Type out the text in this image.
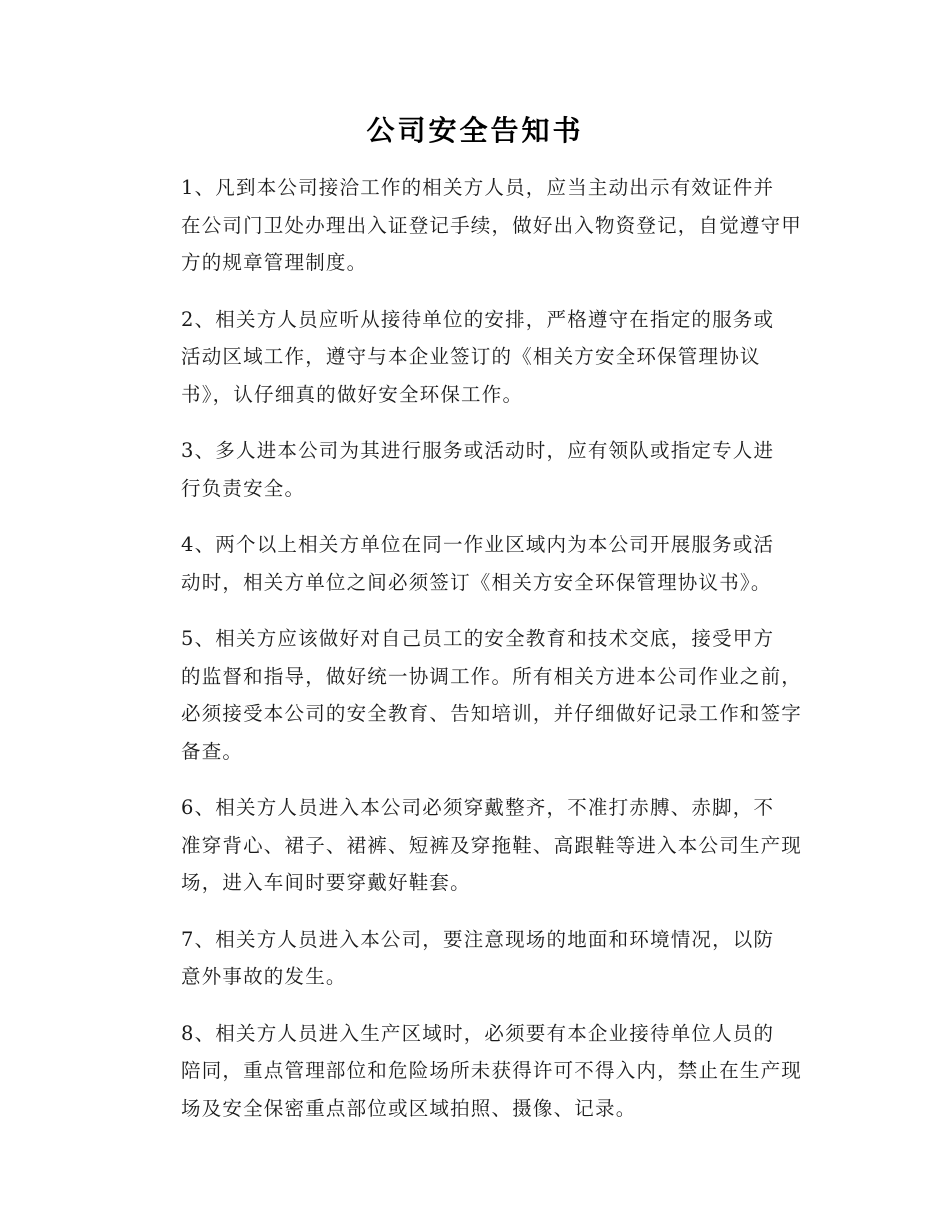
公司安全告知书
1、凡到本公司接洽工作的相关方人员，应当主动出示有效证件并
在公司门卫处办理出入证登记手续，做好出入物资登记，自觉遵守甲
方的规章管理制度。
2、相关方人员应听从接待单位的安排，严格遵守在指定的服务或
活动区域工作，遵守与本企业签订的《相关方安全环保管理协议
书》，认仔细真的做好安全环保工作。
3、多人进本公司为其进行服务或活动时，应有领队或指定专人进
行负责安全。
4、两个以上相关方单位在同一作业区域内为本公司开展服务或活
动时，相关方单位之间必须签订《相关方安全环保管理协议书》。
5、相关方应该做好对自己员工的安全教育和技术交底，接受甲方
的监督和指导，做好统一协调工作。所有相关方进本公司作业之前，
必须接受本公司的安全教育、告知培训，并仔细做好记录工作和签字
备查。
6、相关方人员进入本公司必须穿戴整齐，不准打赤膊、赤脚，不
准穿背心、裙子、裙裤、短裤及穿拖鞋、高跟鞋等进入本公司生产现
场，进入车间时要穿戴好鞋套。
7、相关方人员进入本公司，要注意现场的地面和环境情况，以防
意外事故的发生。
8、相关方人员进入生产区域时，必须要有本企业接待单位人员的
陪同，重点管理部位和危险场所未获得许可不得入内，禁止在生产现
场及安全保密重点部位或区域拍照、摄像、记录。
